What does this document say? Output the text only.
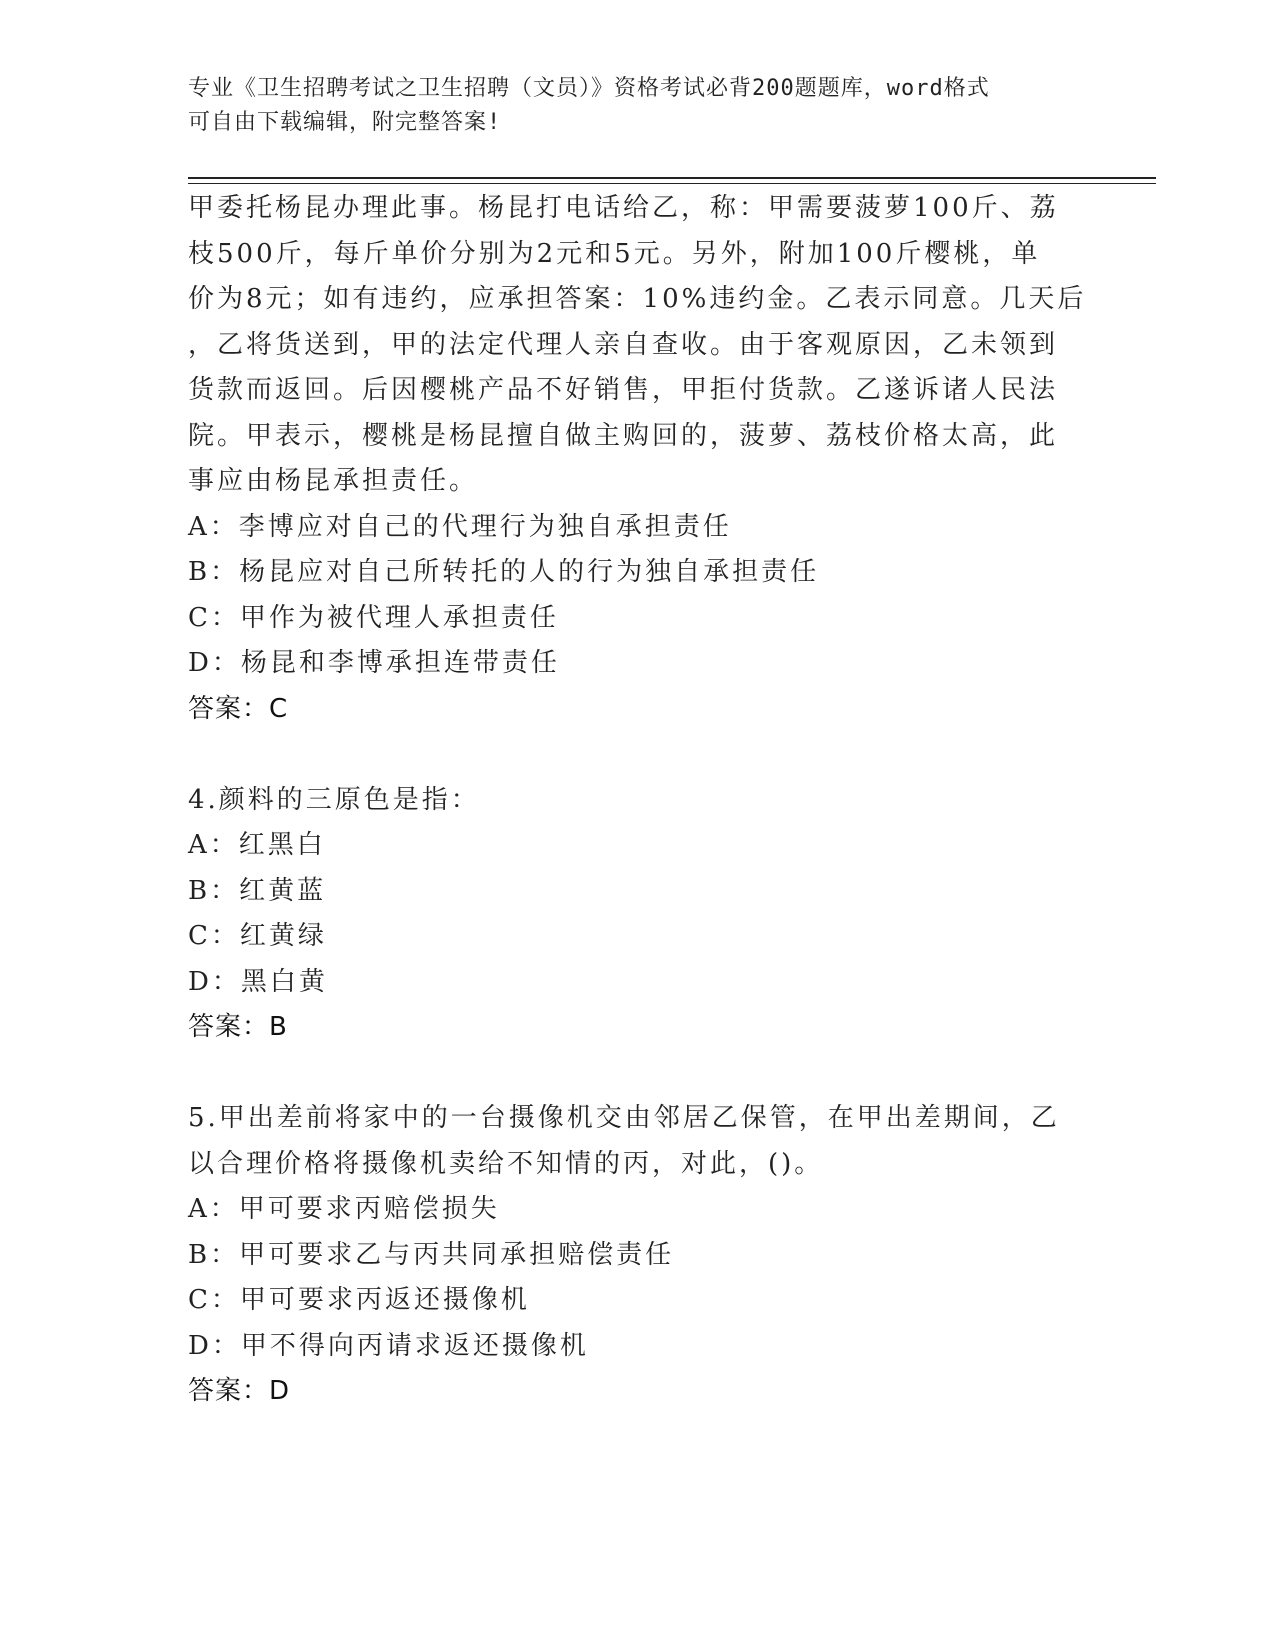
专业《卫生招聘考试之卫生招聘（文员）》资格考试必背200题题库，word格式
可自由下载编辑，附完整答案!
甲委托杨昆办理此事。杨昆打电话给乙，称：甲需要菠萝100斤、荔
枝500斤，每斤单价分别为2元和5元。另外，附加100斤樱桃，单
价为8元；如有违约，应承担答案：10%违约金。乙表示同意。几天后
，乙将货送到，甲的法定代理人亲自查收。由于客观原因，乙未领到
货款而返回。后因樱桃产品不好销售，甲拒付货款。乙遂诉诸人民法
院。甲表示，樱桃是杨昆擅自做主购回的，菠萝、荔枝价格太高，此
事应由杨昆承担责任。
A：李博应对自己的代理行为独自承担责任
B：杨昆应对自己所转托的人的行为独自承担责任
C：甲作为被代理人承担责任
D：杨昆和李博承担连带责任
答案：C
4.颜料的三原色是指：
A：红黑白
B：红黄蓝
C：红黄绿
D：黑白黄
答案：B
5.甲出差前将家中的一台摄像机交由邻居乙保管，在甲出差期间，乙
以合理价格将摄像机卖给不知情的丙，对此，()。
A：甲可要求丙赔偿损失
B：甲可要求乙与丙共同承担赔偿责任
C：甲可要求丙返还摄像机
D：甲不得向丙请求返还摄像机
答案：D
